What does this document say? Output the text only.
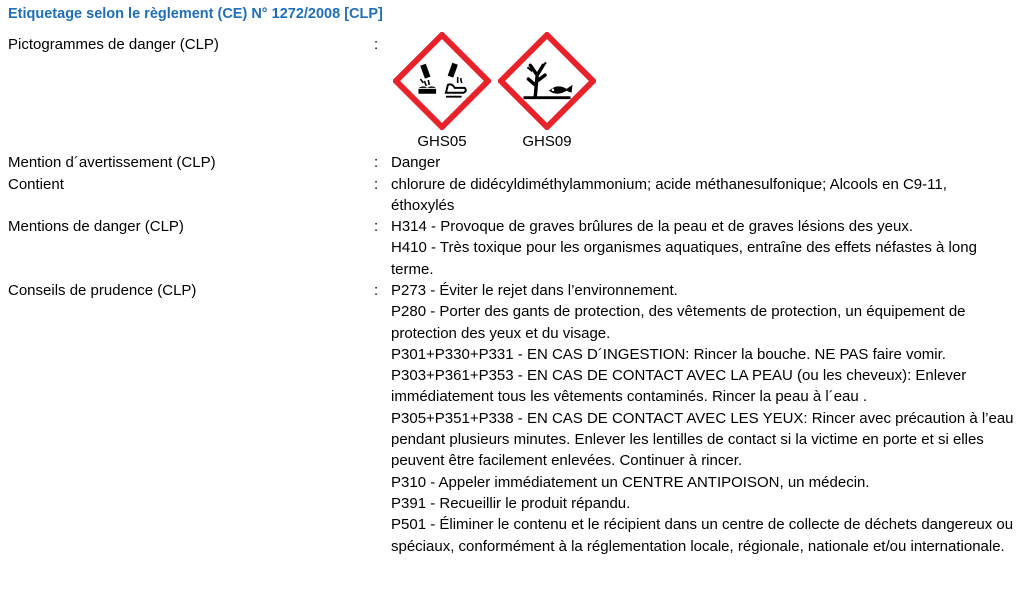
Etiquetage selon le règlement (CE) N° 1272/2008 [CLP]
Pictogrammes de danger (CLP)	:
GHS05	GHS09
Mention d´avertissement (CLP)	: Danger
Contient	: chlorure de didécyldiméthylammonium; acide méthanesulfonique; Alcools en C9-11, éthoxylés
Mentions de danger (CLP)	: H314 - Provoque de graves brûlures de la peau et de graves lésions des yeux.

H410 - Très toxique pour les organismes aquatiques, entraîne des effets néfastes à long terme.

Conseils de prudence (CLP)	: P273 - Éviter le rejet dans l’environnement.

P280 - Porter des gants de protection, des vêtements de protection, un équipement de protection des yeux et du visage.

P301+P330+P331 - EN CAS D´INGESTION: Rincer la bouche. NE PAS faire vomir.

P303+P361+P353 - EN CAS DE CONTACT AVEC LA PEAU (ou les cheveux): Enlever immédiatement tous les vêtements contaminés. Rincer la peau à l´eau .

P305+P351+P338 - EN CAS DE CONTACT AVEC LES YEUX: Rincer avec précaution à l’eau pendant plusieurs minutes. Enlever les lentilles de contact si la victime en porte et si elles peuvent être facilement enlevées. Continuer à rincer.

P310 - Appeler immédiatement un CENTRE ANTIPOISON, un médecin.

P391 - Recueillir le produit répandu.

P501 - Éliminer le contenu et le récipient dans un centre de collecte de déchets dangereux ou spéciaux, conformément à la réglementation locale, régionale, nationale et/ou internationale.
